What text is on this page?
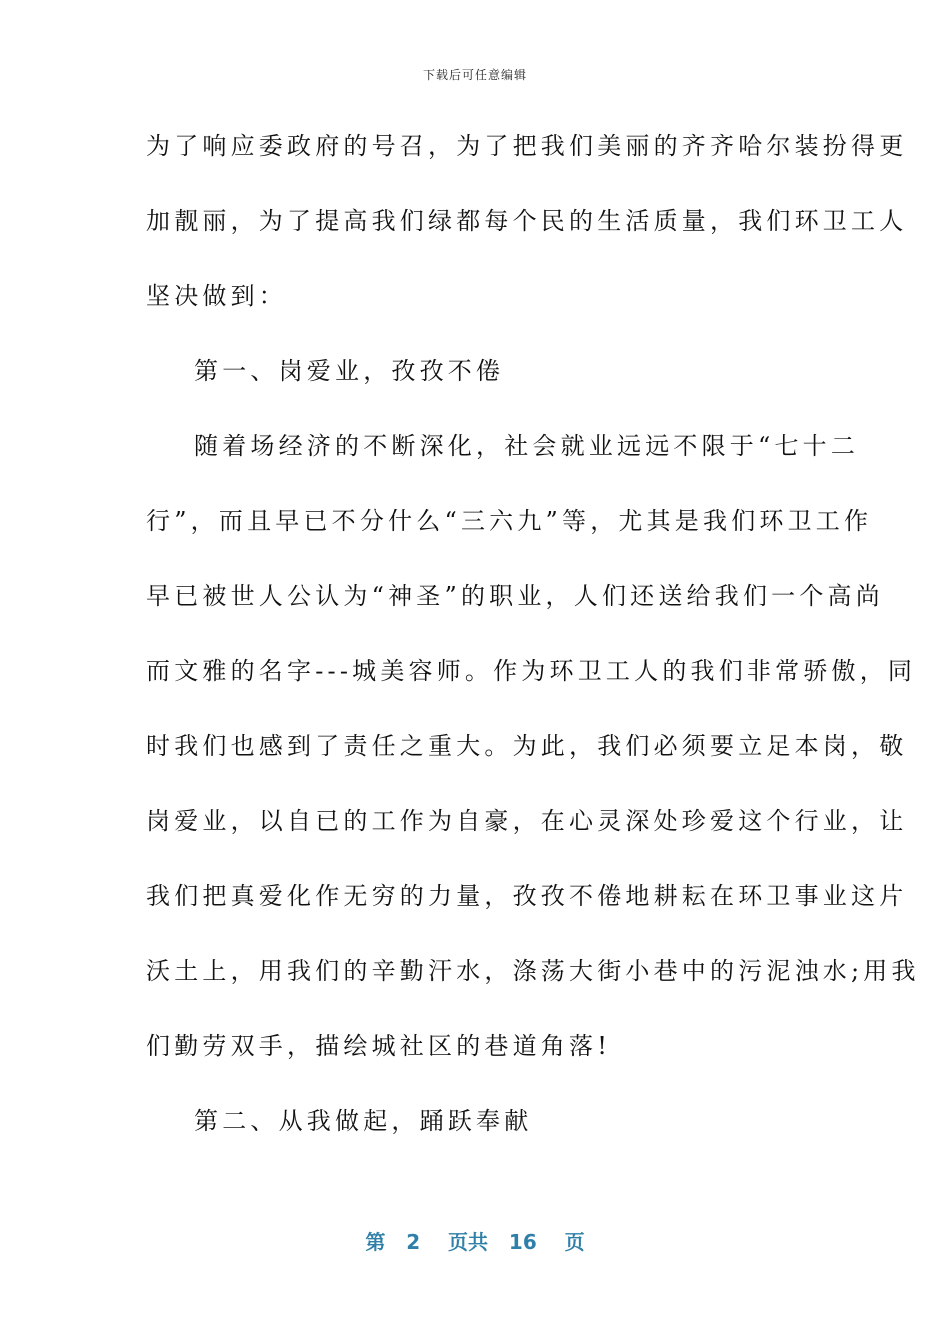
下载后可任意编辑
为了响应委政府的号召，为了把我们美丽的齐齐哈尔装扮得更
加靓丽，为了提高我们绿都每个民的生活质量，我们环卫工人
坚决做到：
第一、岗爱业，孜孜不倦
随着场经济的不断深化，社会就业远远不限于“七十二
行”，而且早已不分什么“三六九”等，尤其是我们环卫工作
早已被世人公认为“神圣”的职业，人们还送给我们一个高尚
而文雅的名字---城美容师。作为环卫工人的我们非常骄傲，同
时我们也感到了责任之重大。为此，我们必须要立足本岗，敬
岗爱业，以自已的工作为自豪，在心灵深处珍爱这个行业，让
我们把真爱化作无穷的力量，孜孜不倦地耕耘在环卫事业这片
沃土上，用我们的辛勤汗水，涤荡大街小巷中的污泥浊水;用我
们勤劳双手，描绘城社区的巷道角落!
第二、从我做起，踊跃奉献
第 2 页共 16 页
